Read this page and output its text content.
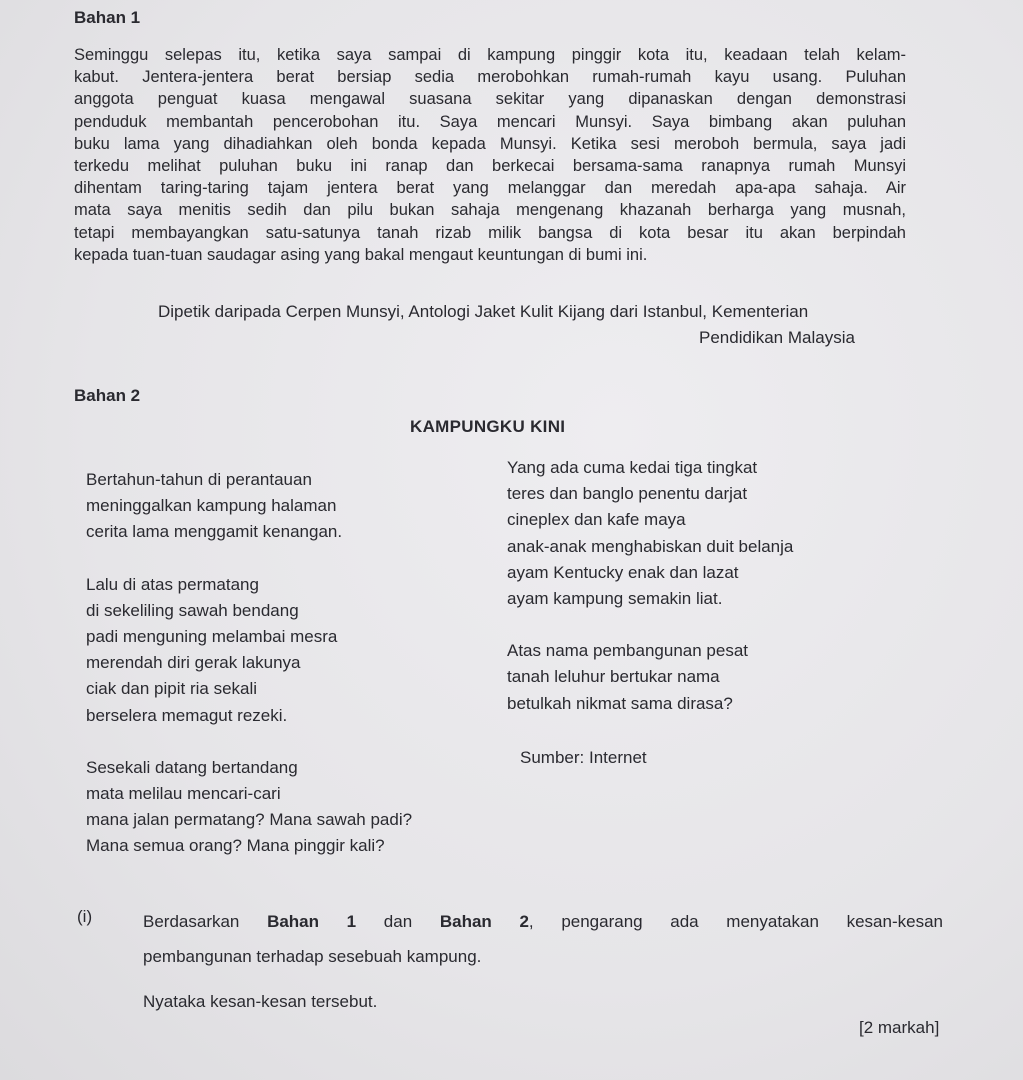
Bahan 1
Seminggu selepas itu, ketika saya sampai di kampung pinggir kota itu, keadaan telah kelam-
kabut. Jentera-jentera berat bersiap sedia merobohkan rumah-rumah kayu usang. Puluhan
anggota penguat kuasa mengawal suasana sekitar yang dipanaskan dengan demonstrasi
penduduk membantah pencerobohan itu. Saya mencari Munsyi. Saya bimbang akan puluhan
buku lama yang dihadiahkan oleh bonda kepada Munsyi. Ketika sesi meroboh bermula, saya jadi
terkedu melihat puluhan buku ini ranap dan berkecai bersama-sama ranapnya rumah Munsyi
dihentam taring-taring tajam jentera berat yang melanggar dan meredah apa-apa sahaja. Air
mata saya menitis sedih dan pilu bukan sahaja mengenang khazanah berharga yang musnah,
tetapi membayangkan satu-satunya tanah rizab milik bangsa di kota besar itu akan berpindah
kepada tuan-tuan saudagar asing yang bakal mengaut keuntungan di bumi ini.
Dipetik daripada Cerpen Munsyi, Antologi Jaket Kulit Kijang dari Istanbul, Kementerian
Pendidikan Malaysia
Bahan 2
KAMPUNGKU KINI
Bertahun-tahun di perantauan
meninggalkan kampung halaman
cerita lama menggamit kenangan.
Lalu di atas permatang
di sekeliling sawah bendang
padi menguning melambai mesra
merendah diri gerak lakunya
ciak dan pipit ria sekali
berselera memagut rezeki.
Sesekali datang bertandang
mata melilau mencari-cari
mana jalan permatang? Mana sawah padi?
Mana semua orang? Mana pinggir kali?
Yang ada cuma kedai tiga tingkat
teres dan banglo penentu darjat
cineplex dan kafe maya
anak-anak menghabiskan duit belanja
ayam Kentucky enak dan lazat
ayam kampung semakin liat.
Atas nama pembangunan pesat
tanah leluhur bertukar nama
betulkah nikmat sama dirasa?
Sumber: Internet
(i)	Berdasarkan Bahan 1 dan Bahan 2, pengarang ada menyatakan kesan-kesan
pembangunan terhadap sesebuah kampung.
Nyataka kesan-kesan tersebut.
[2 markah]
